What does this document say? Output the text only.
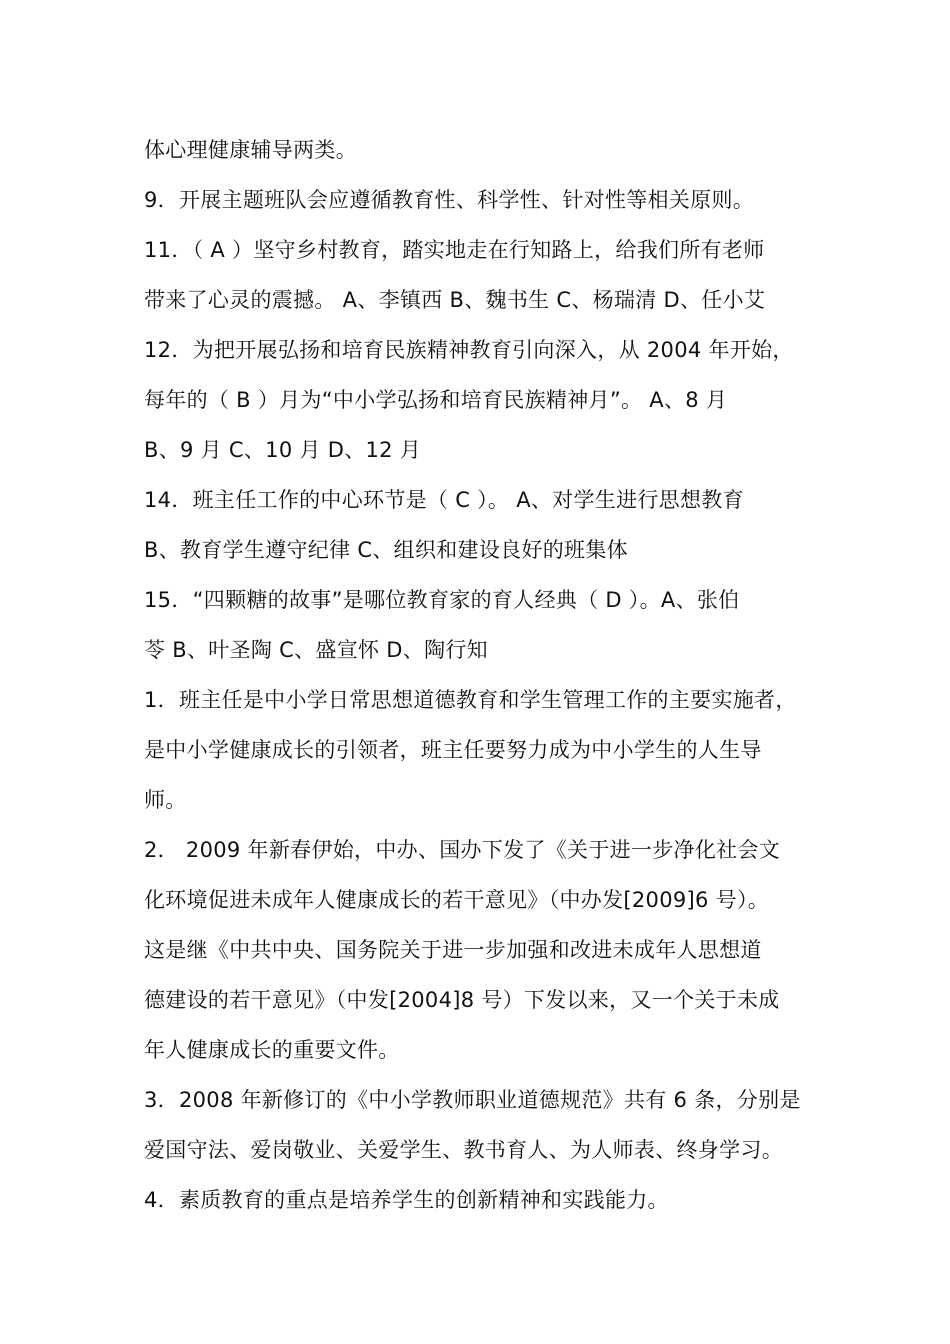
体心理健康辅导两类。
9．开展主题班队会应遵循教育性、科学性、针对性等相关原则。
11．（ A ）坚守乡村教育，踏实地走在行知路上，给我们所有老师
带来了心灵的震撼。 A、李镇西 B、魏书生 C、杨瑞清 D、任小艾
12．为把开展弘扬和培育民族精神教育引向深入，从 2004 年开始，
每年的（ B ）月为“中小学弘扬和培育民族精神月”。 A、8 月
B、9 月 C、10 月 D、12 月
14．班主任工作的中心环节是（ C ）。 A、对学生进行思想教育
B、教育学生遵守纪律 C、组织和建设良好的班集体
15．“四颗糖的故事”是哪位教育家的育人经典（ D ）。A、张伯
苓 B、叶圣陶 C、盛宣怀 D、陶行知
1．班主任是中小学日常思想道德教育和学生管理工作的主要实施者，
是中小学健康成长的引领者，班主任要努力成为中小学生的人生导
师。
2． 2009 年新春伊始，中办、国办下发了《关于进一步净化社会文
化环境促进未成年人健康成长的若干意见》（中办发[2009]6 号）。
这是继《中共中央、国务院关于进一步加强和改进未成年人思想道
德建设的若干意见》（中发[2004]8 号）下发以来，又一个关于未成
年人健康成长的重要文件。
3．2008 年新修订的《中小学教师职业道德规范》共有 6 条，分别是
爱国守法、爱岗敬业、关爱学生、教书育人、为人师表、终身学习。
4．素质教育的重点是培养学生的创新精神和实践能力。
